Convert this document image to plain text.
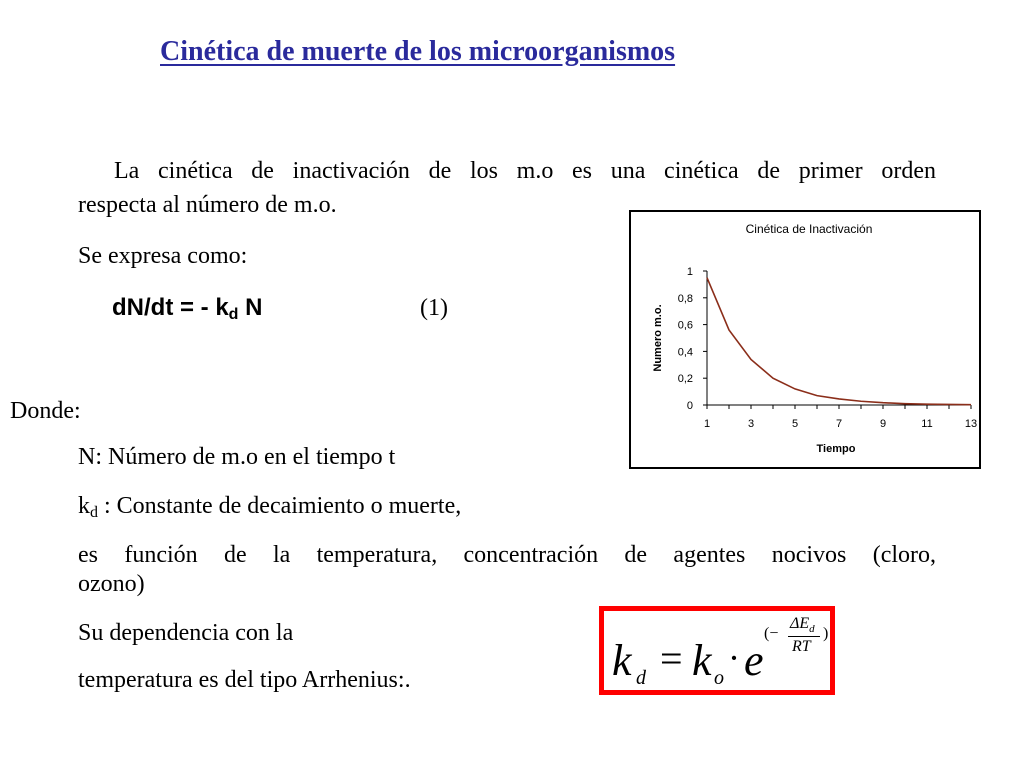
Cinética de muerte de los microorganismos
La cinética de inactivación de los m.o es una cinética de primer orden
respecta al número de m.o.
Se expresa como:
dN/dt = - $k_d$ N	(1)
Donde:
N: Número de m.o en el tiempo t
$k_d$ : Constante de decaimiento o muerte,
es función de la temperatura, concentración de agentes nocivos (cloro,
ozono)
Su dependencia con la
temperatura es del tipo Arrhenius:.
Cinética de Inactivación
Numero m.o.
Tiempo
0
0,2
0,4
0,6
0,8
1
1	3	5	7	9	11	13
k d = k o · e
(−
$\Delta E_d$
RT
)
